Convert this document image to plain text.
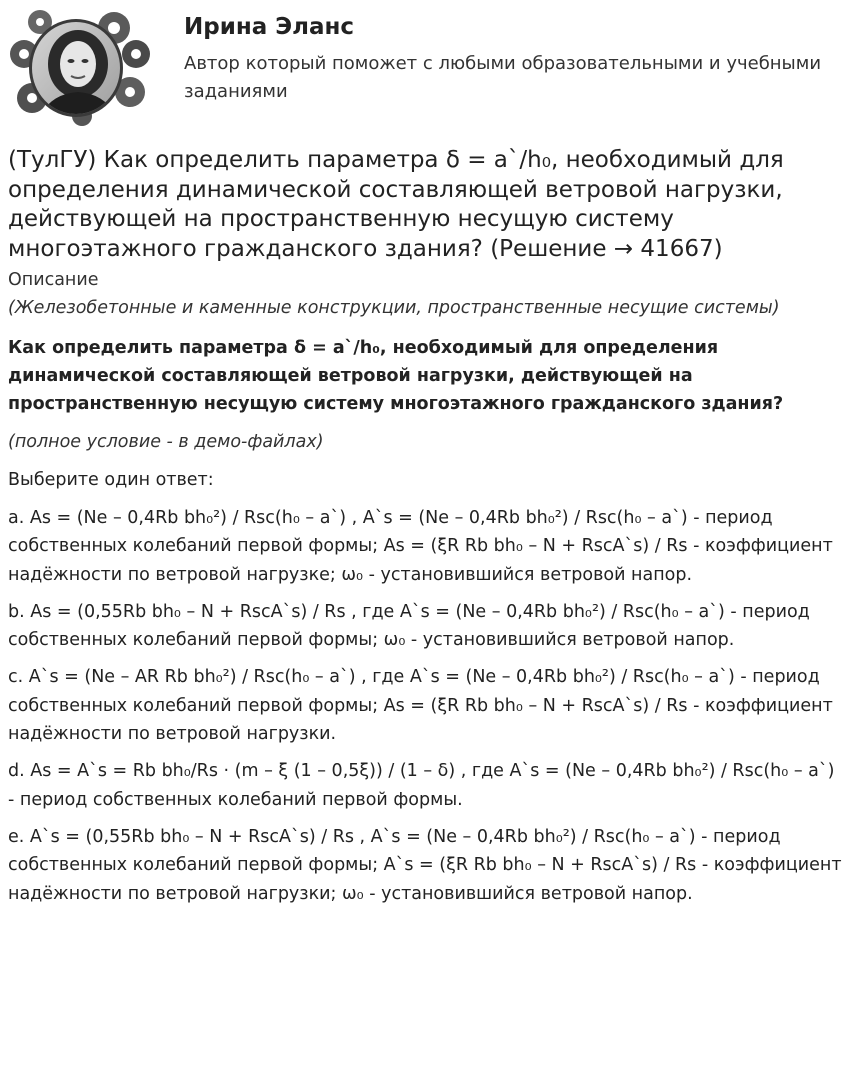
Ирина Эланс
Автор который поможет с любыми образовательными и учебными заданиями
(ТулГУ) Как определить параметра δ = a`/h₀, необходимый для определения динамической составляющей ветровой нагрузки, действующей на пространственную несущую систему многоэтажного гражданского здания? (Решение → 41667)
Описание
(Железобетонные и каменные конструкции, пространственные несущие системы)
Как определить параметра δ = a`/h₀, необходимый для определения динамической составляющей ветровой нагрузки, действующей на пространственную несущую систему многоэтажного гражданского здания?
(полное условие - в демо-файлах)
Выберите один ответ:
a. As = (Ne – 0,4Rb bh₀²) / Rsc(h₀ – a`) , A`s = (Ne – 0,4Rb bh₀²) / Rsc(h₀ – a`) - период собственных колебаний первой формы; As = (ξR Rb bh₀ – N + RscA`s) / Rs - коэффициент надёжности по ветровой нагрузке; ω₀ - установившийся ветровой напор.
b. As = (0,55Rb bh₀ – N + RscA`s) / Rs , где A`s = (Ne – 0,4Rb bh₀²) / Rsc(h₀ – a`) - период собственных колебаний первой формы; ω₀ - установившийся ветровой напор.
c. A`s = (Ne – AR Rb bh₀²) / Rsc(h₀ – a`) , где A`s = (Ne – 0,4Rb bh₀²) / Rsc(h₀ – a`) - период собственных колебаний первой формы; As = (ξR Rb bh₀ – N + RscA`s) / Rs - коэффициент надёжности по ветровой нагрузки.
d. As = A`s = Rb bh₀/Rs · (m – ξ (1 – 0,5ξ)) / (1 – δ) , где A`s = (Ne – 0,4Rb bh₀²) / Rsc(h₀ – a`) - период собственных колебаний первой формы.
e. A`s = (0,55Rb bh₀ – N + RscA`s) / Rs , A`s = (Ne – 0,4Rb bh₀²) / Rsc(h₀ – a`) - период собственных колебаний первой формы; A`s = (ξR Rb bh₀ – N + RscA`s) / Rs - коэффициент надёжности по ветровой нагрузки; ω₀ - установившийся ветровой напор.
